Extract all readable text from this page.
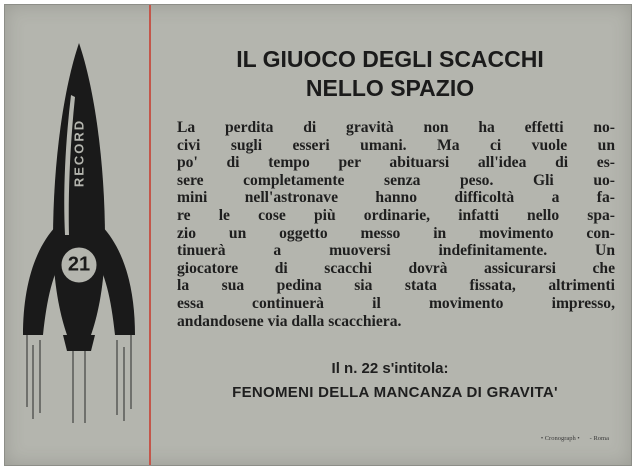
RECORD
21
IL GIUOCO DEGLI SCACCHI
NELLO SPAZIO
La perdita di gravità non ha effetti no-
civi sugli esseri umani. Ma ci vuole un
po' di tempo per abituarsi all'idea di es-
sere completamente senza peso. Gli uo-
mini nell'astronave hanno difficoltà a fa-
re le cose più ordinarie, infatti nello spa-
zio un oggetto messo in movimento con-
tinuerà a muoversi indefinitamente. Un
giocatore di scacchi dovrà assicurarsi che
la sua pedina sia stata fissata, altrimenti
essa continuerà il movimento impresso,
andandosene via dalla scacchiera.
Il n. 22 s'intitola:
FENOMENI DELLA MANCANZA DI GRAVITA'
• Cronograph • - Roma
